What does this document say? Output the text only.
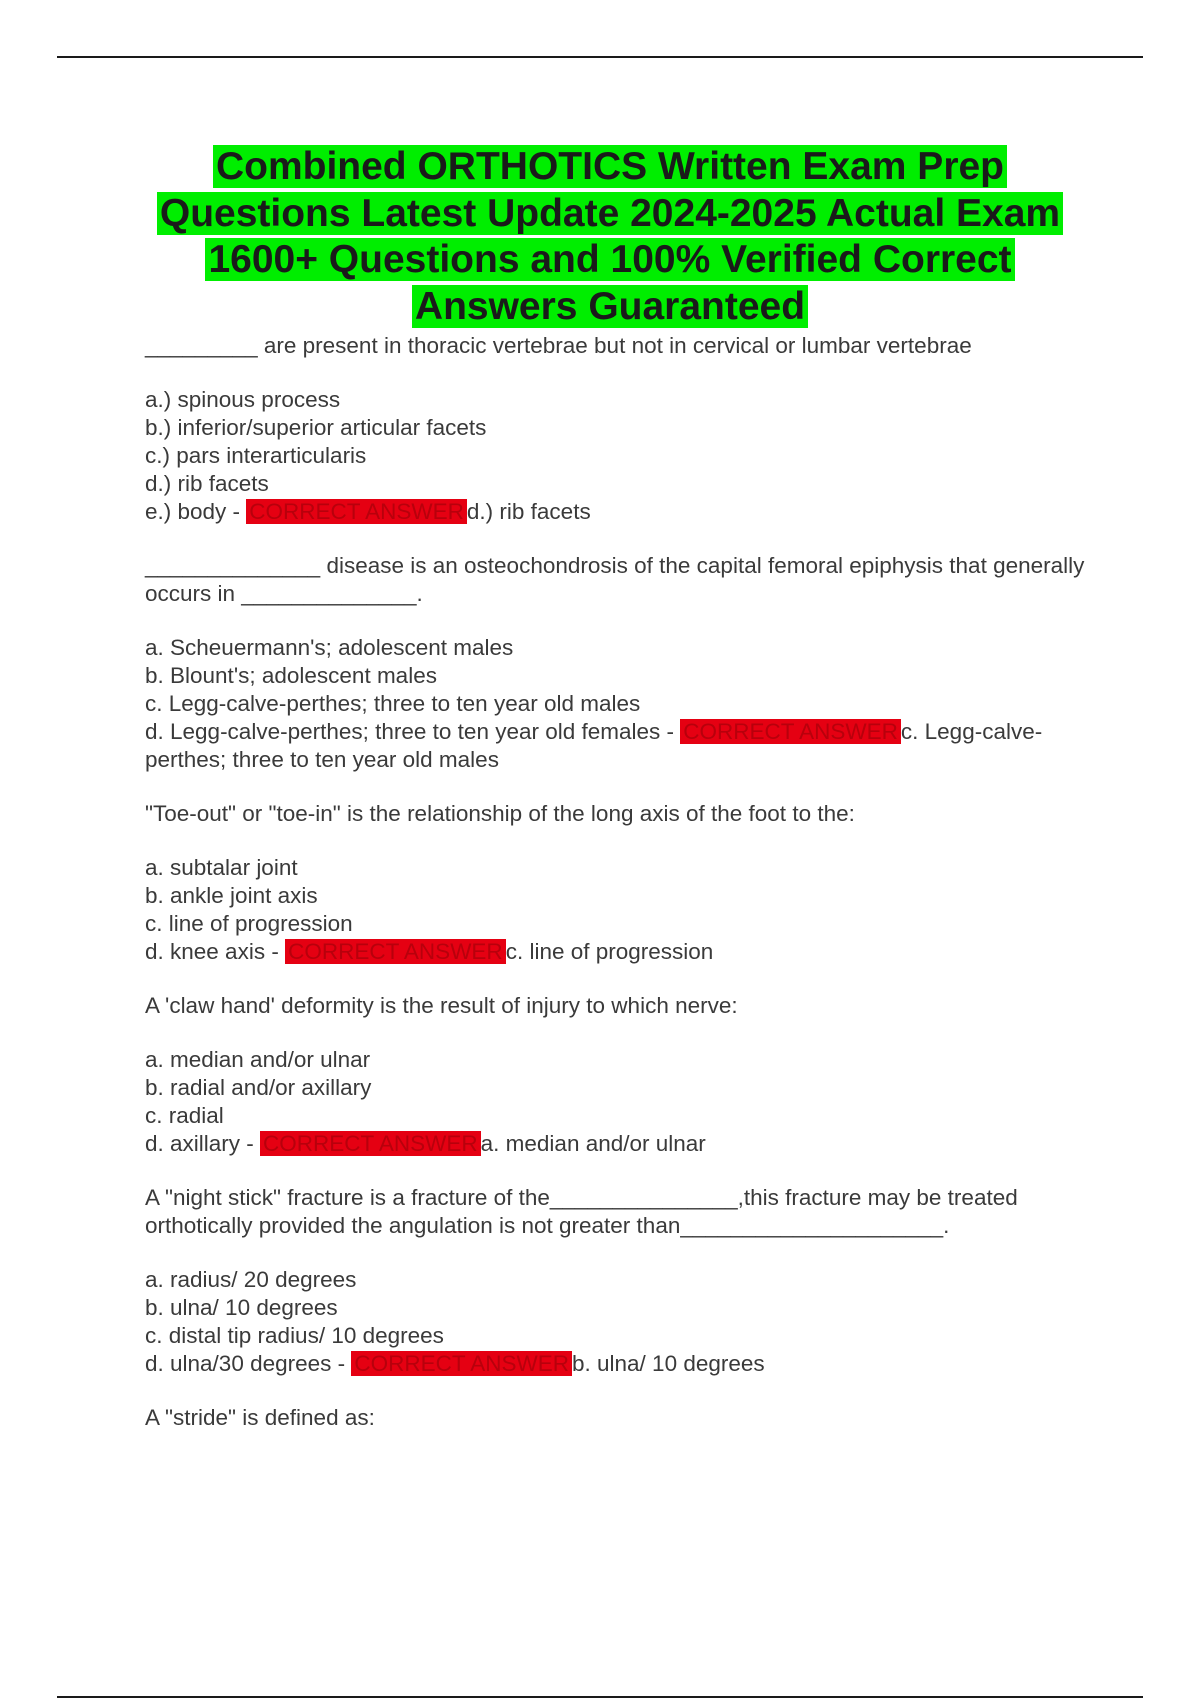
Combined ORTHOTICS Written Exam Prep Questions Latest Update 2024-2025 Actual Exam 1600+ Questions and 100% Verified Correct Answers Guaranteed

_________ are present in thoracic vertebrae but not in cervical or lumbar vertebrae

a.) spinous process

b.) inferior/superior articular facets

c.) pars interarticularis

d.) rib facets

e.) body - CORRECT ANSWER d.) rib facets

______________ disease is an osteochondrosis of the capital femoral epiphysis that generally occurs in ______________.

a. Scheuermann's; adolescent males

b. Blount's; adolescent males

c. Legg-calve-perthes; three to ten year old males

d. Legg-calve-perthes; three to ten year old females - CORRECT ANSWER c. Legg-calve-perthes; three to ten year old males

"Toe-out" or "toe-in" is the relationship of the long axis of the foot to the:

a. subtalar joint

b. ankle joint axis

c. line of progression

d. knee axis - CORRECT ANSWER c. line of progression

A 'claw hand' deformity is the result of injury to which nerve:

a. median and/or ulnar

b. radial and/or axillary

c. radial

d. axillary - CORRECT ANSWER a. median and/or ulnar

A "night stick" fracture is a fracture of the_______________,this fracture may be treated orthotically provided the angulation is not greater than_____________________.

a. radius/ 20 degrees

b. ulna/ 10 degrees

c. distal tip radius/ 10 degrees

d. ulna/30 degrees - CORRECT ANSWER b. ulna/ 10 degrees

A "stride" is defined as:
